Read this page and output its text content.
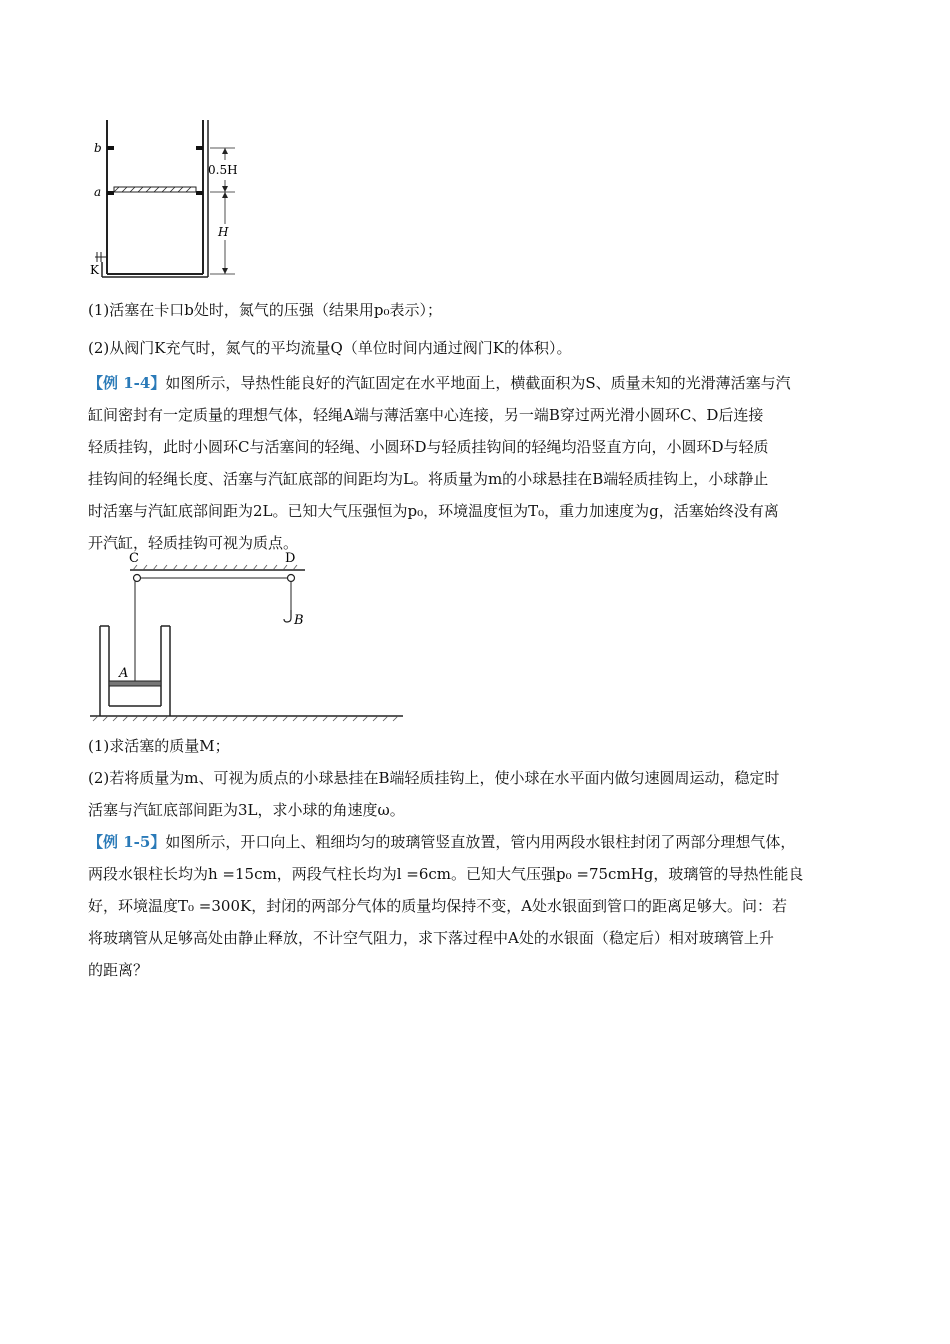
b
a
K
0.5H
H
(1)活塞在卡口b处时，氮气的压强（结果用p₀表示）；
(2)从阀门K充气时，氮气的平均流量Q（单位时间内通过阀门K的体积）。
【例 1-4】如图所示，导热性能良好的汽缸固定在水平地面上，横截面积为S、质量未知的光滑薄活塞与汽
缸间密封有一定质量的理想气体，轻绳A端与薄活塞中心连接，另一端B穿过两光滑小圆环C、D后连接
轻质挂钩，此时小圆环C与活塞间的轻绳、小圆环D与轻质挂钩间的轻绳均沿竖直方向，小圆环D与轻质
挂钩间的轻绳长度、活塞与汽缸底部的间距均为L。将质量为m的小球悬挂在B端轻质挂钩上，小球静止
时活塞与汽缸底部间距为2L。已知大气压强恒为p₀，环境温度恒为T₀，重力加速度为g，活塞始终没有离
开汽缸，轻质挂钩可视为质点。
C	D
B
A
(1)求活塞的质量M；
(2)若将质量为m、可视为质点的小球悬挂在B端轻质挂钩上，使小球在水平面内做匀速圆周运动，稳定时
活塞与汽缸底部间距为3L，求小球的角速度ω。
【例 1-5】如图所示，开口向上、粗细均匀的玻璃管竖直放置，管内用两段水银柱封闭了两部分理想气体，
两段水银柱长均为h =15cm，两段气柱长均为l =6cm。已知大气压强p₀ =75cmHg，玻璃管的导热性能良
好，环境温度T₀ =300K，封闭的两部分气体的质量均保持不变，A处水银面到管口的距离足够大。问：若
将玻璃管从足够高处由静止释放，不计空气阻力，求下落过程中A处的水银面（稳定后）相对玻璃管上升
的距离？
